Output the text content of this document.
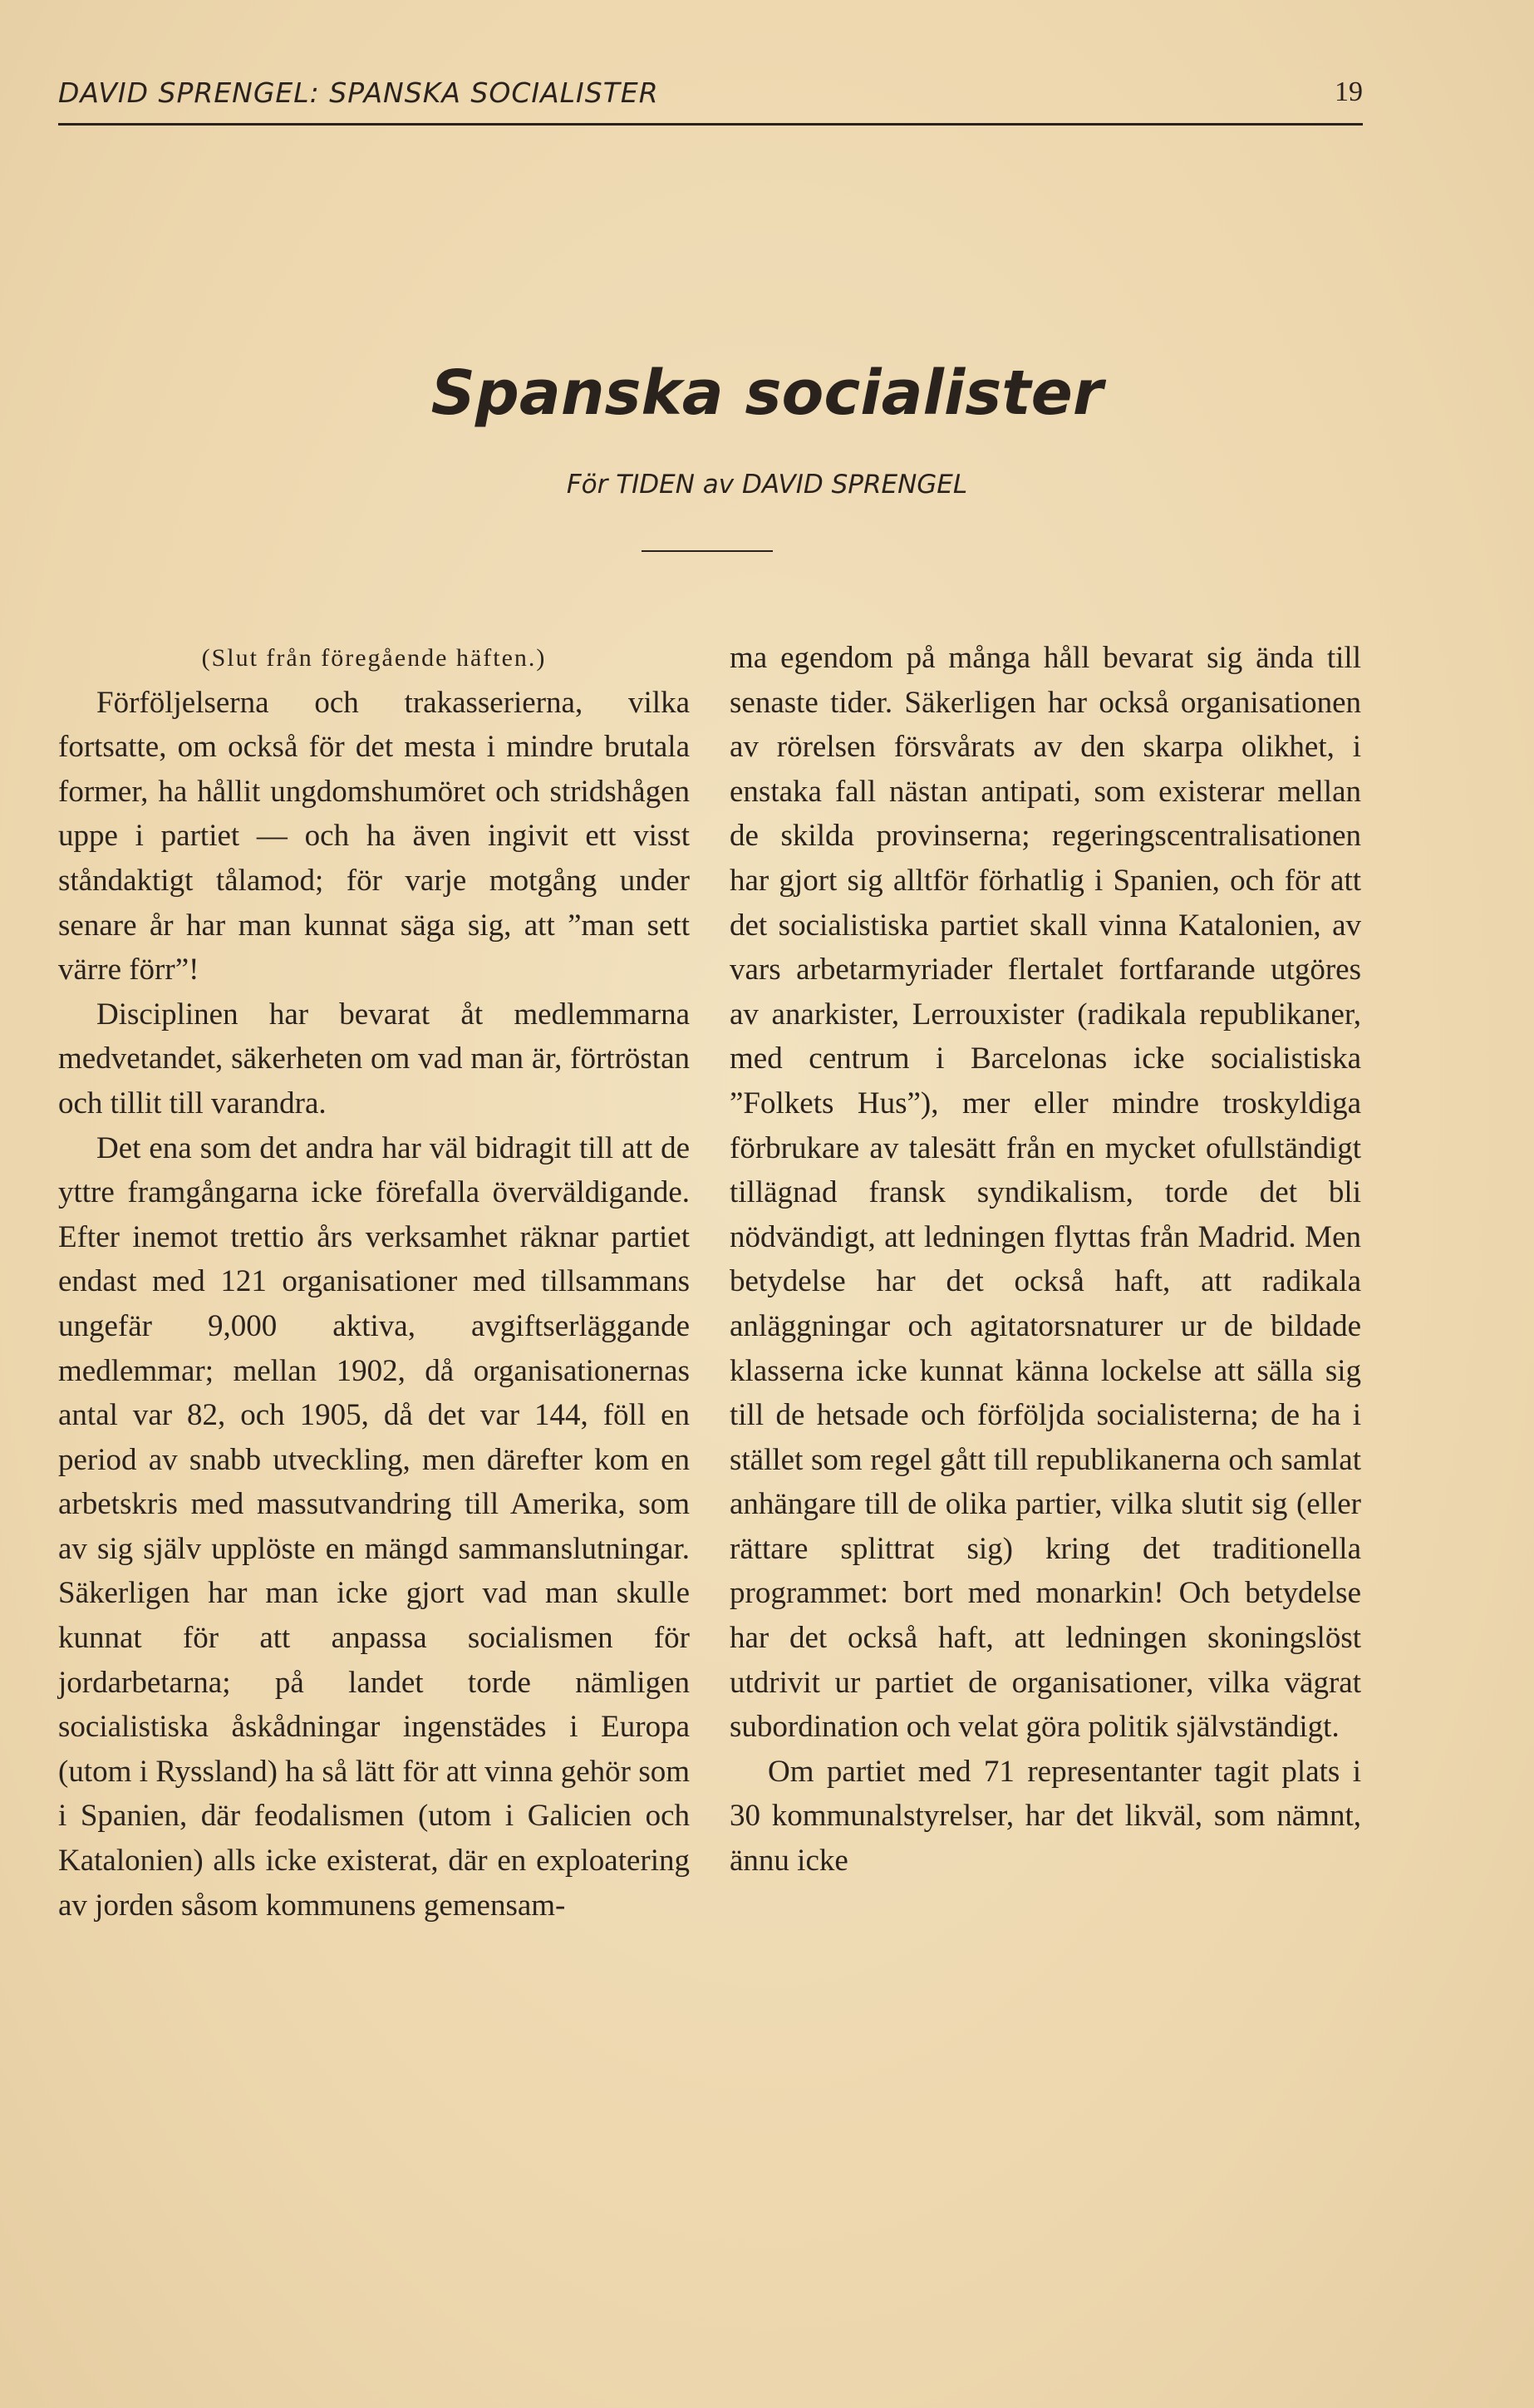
DAVID SPRENGEL: SPANSKA SOCIALISTER	19
Spanska socialister
För TIDEN av DAVID SPRENGEL

(Slut från föregående häften.)

Förföljelserna och trakasserierna, vilka fortsatte, om också för det mesta i mindre brutala former, ha hållit ungdomshumöret och stridshågen uppe i partiet — och ha även ingivit ett visst ståndaktigt tålamod; för varje motgång under senare år har man kunnat säga sig, att ”man sett värre förr”!

Disciplinen har bevarat åt medlemmarna medvetandet, säkerheten om vad man är, förtröstan och tillit till varandra.

Det ena som det andra har väl bidragit till att de yttre framgångarna icke förefalla överväldigande. Efter inemot trettio års verksamhet räknar partiet endast med 121 organisationer med tillsammans ungefär 9,000 aktiva, avgiftserläggande medlemmar; mellan 1902, då organisationernas antal var 82, och 1905, då det var 144, föll en period av snabb utveckling, men därefter kom en arbetskris med massutvandring till Amerika, som av sig själv upplöste en mängd sammanslutningar. Säkerligen har man icke gjort vad man skulle kunnat för att anpassa socialismen för jordarbetarna; på landet torde nämligen socialistiska åskådningar ingenstädes i Europa (utom i Ryssland) ha så lätt för att vinna gehör som i Spanien, där feodalismen (utom i Galicien och Katalonien) alls icke existerat, där en exploatering av jorden såsom kommunens gemensam-

ma egendom på många håll bevarat sig ända till senaste tider. Säkerligen har också organisationen av rörelsen försvårats av den skarpa olikhet, i enstaka fall nästan antipati, som existerar mellan de skilda provinserna; regeringscentralisationen har gjort sig alltför förhatlig i Spanien, och för att det socialistiska partiet skall vinna Katalonien, av vars arbetarmyriader flertalet fortfarande utgöres av anarkister, Lerrouxister (radikala republikaner, med centrum i Barcelonas icke socialistiska ”Folkets Hus”), mer eller mindre troskyldiga förbrukare av talesätt från en mycket ofullständigt tillägnad fransk syndikalism, torde det bli nödvändigt, att ledningen flyttas från Madrid. Men betydelse har det också haft, att radikala anläggningar och agitatorsnaturer ur de bildade klasserna icke kunnat känna lockelse att sälla sig till de hetsade och förföljda socialisterna; de ha i stället som regel gått till republikanerna och samlat anhängare till de olika partier, vilka slutit sig (eller rättare splittrat sig) kring det traditionella programmet: bort med monarkin! Och betydelse har det också haft, att ledningen skoningslöst utdrivit ur partiet de organisationer, vilka vägrat subordination och velat göra politik självständigt.

Om partiet med 71 representanter tagit plats i 30 kommunalstyrelser, har det likväl, som nämnt, ännu icke
